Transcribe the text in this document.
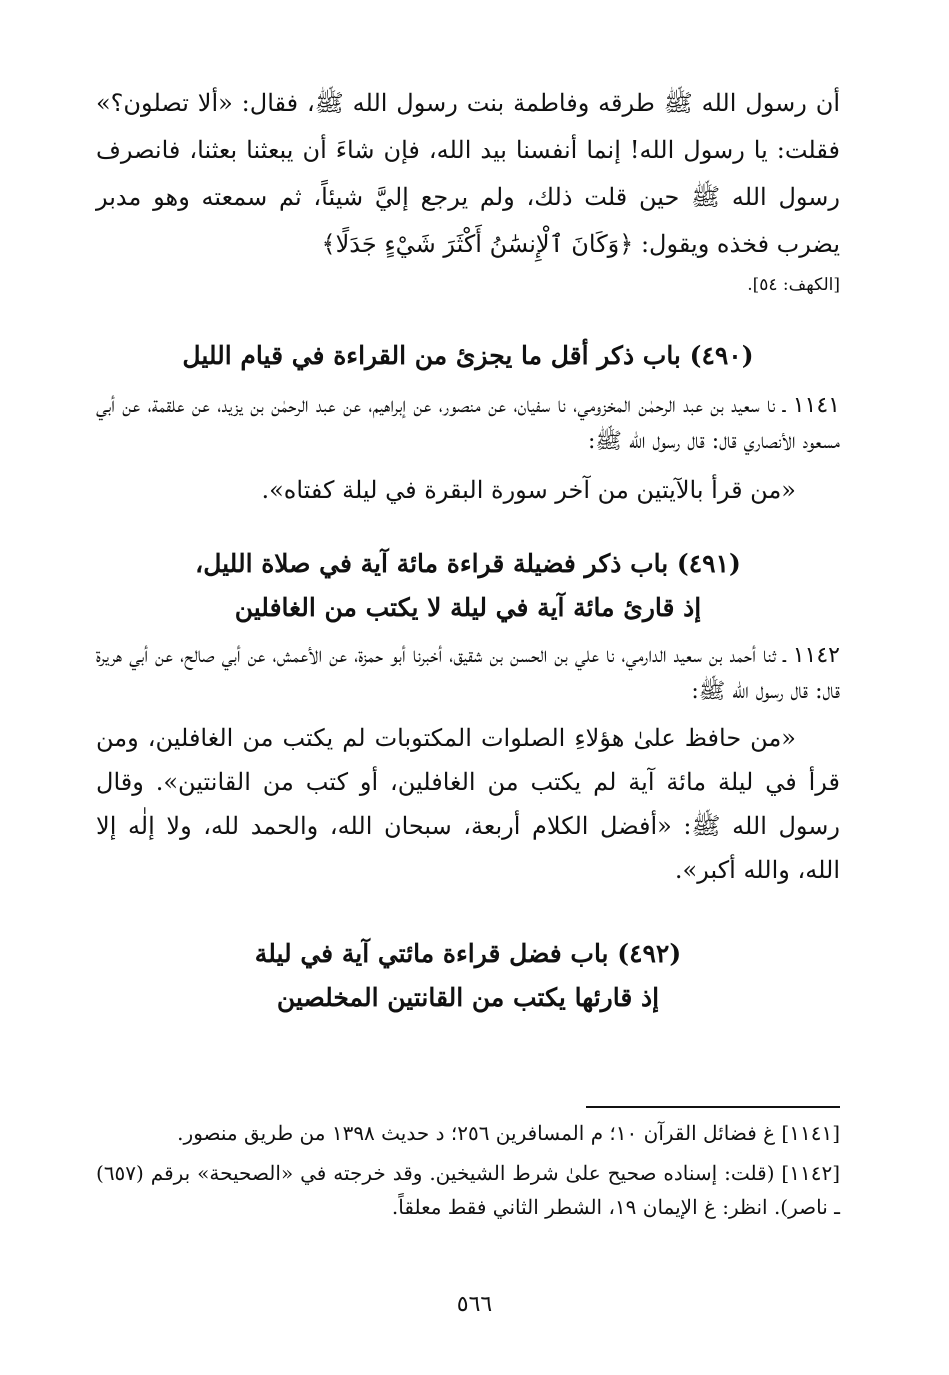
أن رسول الله ﷺ طرقه وفاطمة بنت رسول الله ﷺ، فقال: «ألا تصلون؟» فقلت: يا رسول الله! إنما أنفسنا بيد الله، فإن شاءَ أن يبعثنا بعثنا، فانصرف رسول الله ﷺ حين قلت ذلك، ولم يرجع إليَّ شيئاً، ثم سمعته وهو مدبر يضرب فخذه ويقول: ﴿وَكَانَ ٱلْإِنسَٰنُ أَكْثَرَ شَيْءٍ جَدَلًا﴾

[الكهف: ٥٤].

(٤٩٠) باب ذكر أقل ما يجزئ من القراءة في قيام الليل

١١٤١ ـ نا سعيد بن عبد الرحمٰن المخزومي، نا سفيان، عن منصور، عن إبراهيم، عن عبد الرحمٰن بن يزيد، عن علقمة، عن أبي مسعود الأنصاري قال: قال رسول الله ﷺ:

«من قرأ بالآيتين من آخر سورة البقرة في ليلة كفتاه».

(٤٩١) باب ذكر فضيلة قراءة مائة آية في صلاة الليل،

إذ قارئ مائة آية في ليلة لا يكتب من الغافلين

١١٤٢ ـ ثنا أحمد بن سعيد الدارمي، نا علي بن الحسن بن شقيق، أخبرنا أبو حمزة، عن الأعمش، عن أبي صالح، عن أبي هريرة قال: قال رسول الله ﷺ:

«من حافظ علىٰ هؤلاءِ الصلوات المكتوبات لم يكتب من الغافلين، ومن قرأ في ليلة مائة آية لم يكتب من الغافلين، أو كتب من القانتين». وقال رسول الله ﷺ: «أفضل الكلام أربعة، سبحان الله، والحمد لله، ولا إلٰه إلا الله، والله أكبر».

(٤٩٢) باب فضل قراءة مائتي آية في ليلة

إذ قارئها يكتب من القانتين المخلصين

[١١٤١] غ فضائل القرآن ١٠؛ م المسافرين ٢٥٦؛ د حديث ١٣٩٨ من طريق منصور.

[١١٤٢] (قلت: إسناده صحيح علىٰ شرط الشيخين. وقد خرجته في «الصحيحة» برقم (٦٥٧) ـ ناصر). انظر: غ الإيمان ١٩، الشطر الثاني فقط معلقاً.

٥٦٦
